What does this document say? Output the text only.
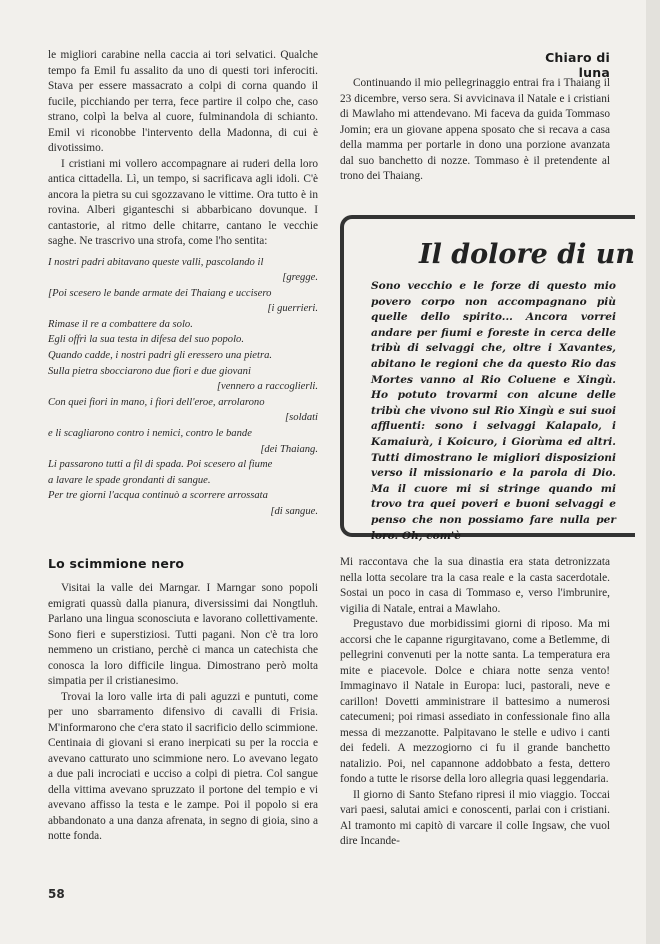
le migliori carabine nella caccia ai tori selvatici. Qualche tempo fa Emil fu assalito da uno di questi tori inferociti. Stava per essere massacrato a colpi di corna quando il fucile, picchiando per terra, fece partire il colpo che, caso strano, colpì la belva al cuore, fulminandola di schianto. Emil vi riconobbe l'intervento della Madonna, di cui è divotissimo.

I cristiani mi vollero accompagnare ai ruderi della loro antica cittadella. Lì, un tempo, si sacrificava agli idoli. C'è ancora la pietra su cui sgozzavano le vittime. Ora tutto è in rovina. Alberi giganteschi si abbarbicano dovunque. I cantastorie, al ritmo delle chitarre, cantano le vecchie saghe. Ne trascrivo una strofa, come l'ho sentita:

I nostri padri abitavano queste valli, pascolando il
[gregge.
[Poi scesero le bande armate dei Thaiang e uccisero
[i guerrieri.
Rimase il re a combattere da solo.
Egli offrì la sua testa in difesa del suo popolo.
Quando cadde, i nostri padri gli eressero una pietra.
Sulla pietra sbocciarono due fiori e due giovani
[vennero a raccoglierli.
Con quei fiori in mano, i fiori dell'eroe, arrolarono
[soldati
e li scagliarono contro i nemici, contro le bande
[dei Thaiang.
Li passarono tutti a fil di spada. Poi scesero al fiume
a lavare le spade grondanti di sangue.
Per tre giorni l'acqua continuò a scorrere arrossata
[di sangue.
Chiaro di luna

Continuando il mio pellegrinaggio entrai fra i Thaiang il 23 dicembre, verso sera. Si avvicinava il Natale e i cristiani di Mawlaho mi attendevano. Mi faceva da guida Tommaso Jomin; era un giovane appena sposato che si recava a casa della mamma per portarle in dono una porzione avanzata dal suo banchetto di nozze. Tommaso è il pretendente al trono dei Thaiang.

Il dolore di un

Sono vecchio e le forze di questo mio povero corpo non accompagnano più quelle dello spirito... Ancora vorrei andare per fiumi e foreste in cerca delle tribù di selvaggi che, oltre i Xavantes, abitano le regioni che da questo Rio das Mortes vanno al Rio Coluene e Xingù. Ho potuto trovarmi con alcune delle tribù che vivono sul Rio Xingù e sui suoi affluenti: sono i selvaggi Kalapalo, i Kamaiurà, i Koicuro, i Giorùma ed altri. Tutti dimostrano le migliori disposizioni verso il missionario e la parola di Dio. Ma il cuore mi si stringe quando mi trovo tra quei poveri e buoni selvaggi e penso che non possiamo fare nulla per loro. Oh, com'è

Lo scimmione nero

Visitai la valle dei Marngar. I Marngar sono popoli emigrati quassù dalla pianura, diversissimi dai Nongtluh. Parlano una lingua sconosciuta e lavorano collettivamente. Sono fieri e superstiziosi. Tutti pagani. Non c'è tra loro nemmeno un cristiano, perchè ci manca un catechista che conosca la loro difficile lingua. Dimostrano però molta simpatia per il cristianesimo.

Trovai la loro valle irta di pali aguzzi e puntuti, come per uno sbarramento difensivo di cavalli di Frisia. M'informarono che c'era stato il sacrificio dello scimmione. Centinaia di giovani si erano inerpicati su per la roccia e avevano catturato uno scimmione nero. Lo avevano legato a due pali incrociati e ucciso a colpi di pietra. Col sangue della vittima avevano spruzzato il portone del tempio e vi avevano affisso la testa e le zampe. Poi il popolo si era abbandonato a una danza afrenata, in segno di gioia, sino a notte fonda.

Mi raccontava che la sua dinastia era stata detronizzata nella lotta secolare tra la casa reale e la casta sacerdotale. Sostai un poco in casa di Tommaso e, verso l'imbrunire, vigilia di Natale, entrai a Mawlaho.

Pregustavo due morbidissimi giorni di riposo. Ma mi accorsi che le capanne rigurgitavano, come a Betlemme, di pellegrini convenuti per la notte santa. La temperatura era mite e piacevole. Dolce e chiara notte senza vento! Immaginavo il Natale in Europa: luci, pastorali, neve e carillon! Dovetti amministrare il battesimo a numerosi catecumeni; poi rimasi assediato in confessionale fino alla messa di mezzanotte. Palpitavano le stelle e udivo i canti dei fedeli. A mezzogiorno ci fu il grande banchetto natalizio. Poi, nel capannone addobbato a festa, dettero fondo a tutte le risorse della loro allegria quasi leggendaria.

Il giorno di Santo Stefano ripresi il mio viaggio. Toccai vari paesi, salutai amici e conoscenti, parlai con i cristiani. Al tramonto mi capitò di varcare il colle Ingsaw, che vuol dire Incande-

58
